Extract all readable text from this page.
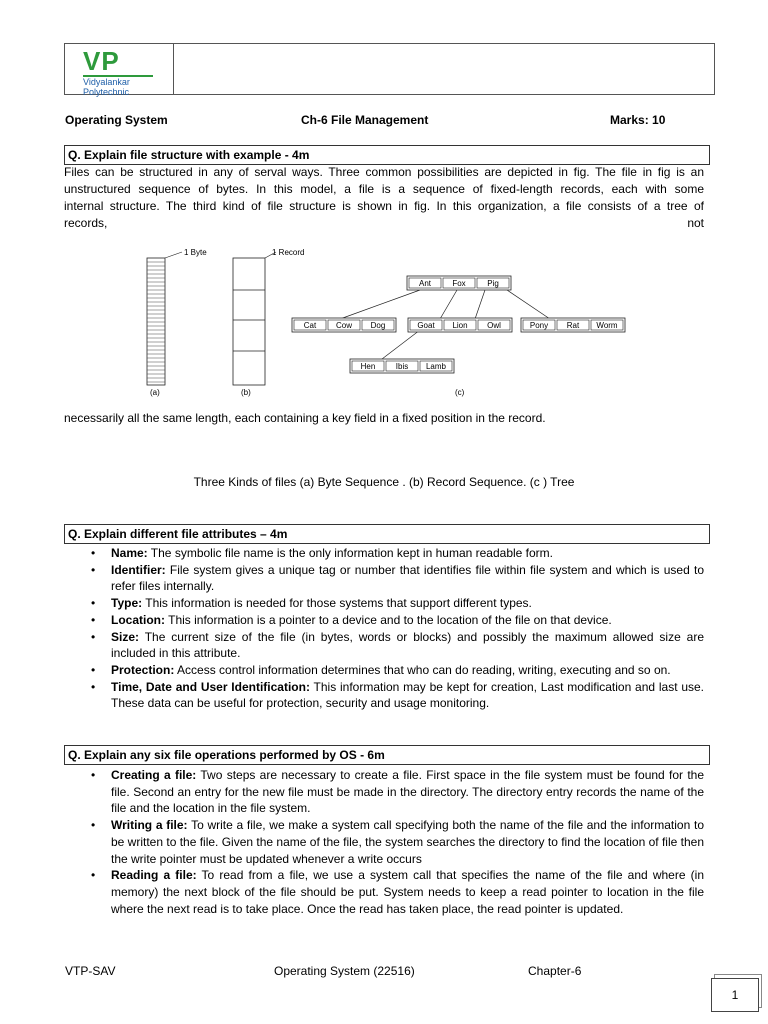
VP
Vidyalankar
Polytechnic
Operating System	Ch-6 File Management	Marks: 10
Q. Explain file structure with example - 4m
Files can be structured in any of serval ways. Three common possibilities are depicted in fig. The file in fig is an
unstructured sequence of bytes. In this model, a file is a sequence of fixed-length records, each with some
internal structure. The third kind of file structure is shown in fig. In this organization, a file consists of a tree of
records,	not
1 Byte
(a)
1 Record
(b)
Ant	Fox	Pig
Cat Cow Dog	Goat Lion Owl	Pony Rat Worm
Hen	Ibis Lamb
(c)
necessarily all the same length, each containing a key field in a fixed position in the record.
Three Kinds of files (a) Byte Sequence . (b) Record Sequence. (c ) Tree
Q. Explain different file attributes – 4m
• Name: The symbolic file name is the only information kept in human readable form.
• Identifier: File system gives a unique tag or number that identifies file within file system and which is used to refer files internally.
• Type: This information is needed for those systems that support different types.
• Location: This information is a pointer to a device and to the location of the file on that device.
• Size: The current size of the file (in bytes, words or blocks) and possibly the maximum allowed size are included in this attribute.
• Protection: Access control information determines that who can do reading, writing, executing and so on.
• Time, Date and User Identification: This information may be kept for creation, Last modification and last use. These data can be useful for protection, security and usage monitoring.
Q. Explain any six file operations performed by OS - 6m
• Creating a file: Two steps are necessary to create a file. First space in the file system must be found for the file. Second an entry for the new file must be made in the directory. The directory entry records the name of the file and the location in the file system.
• Writing a file: To write a file, we make a system call specifying both the name of the file and the information to be written to the file. Given the name of the file, the system searches the directory to find the location of file then the write pointer must be updated whenever a write occurs
• Reading a file: To read from a file, we use a system call that specifies the name of the file and where (in memory) the next block of the file should be put. System needs to keep a read pointer to location in the file where the next read is to take place. Once the read has taken place, the read pointer is updated.
VTP-SAV	Operating System (22516)	Chapter-6
1
